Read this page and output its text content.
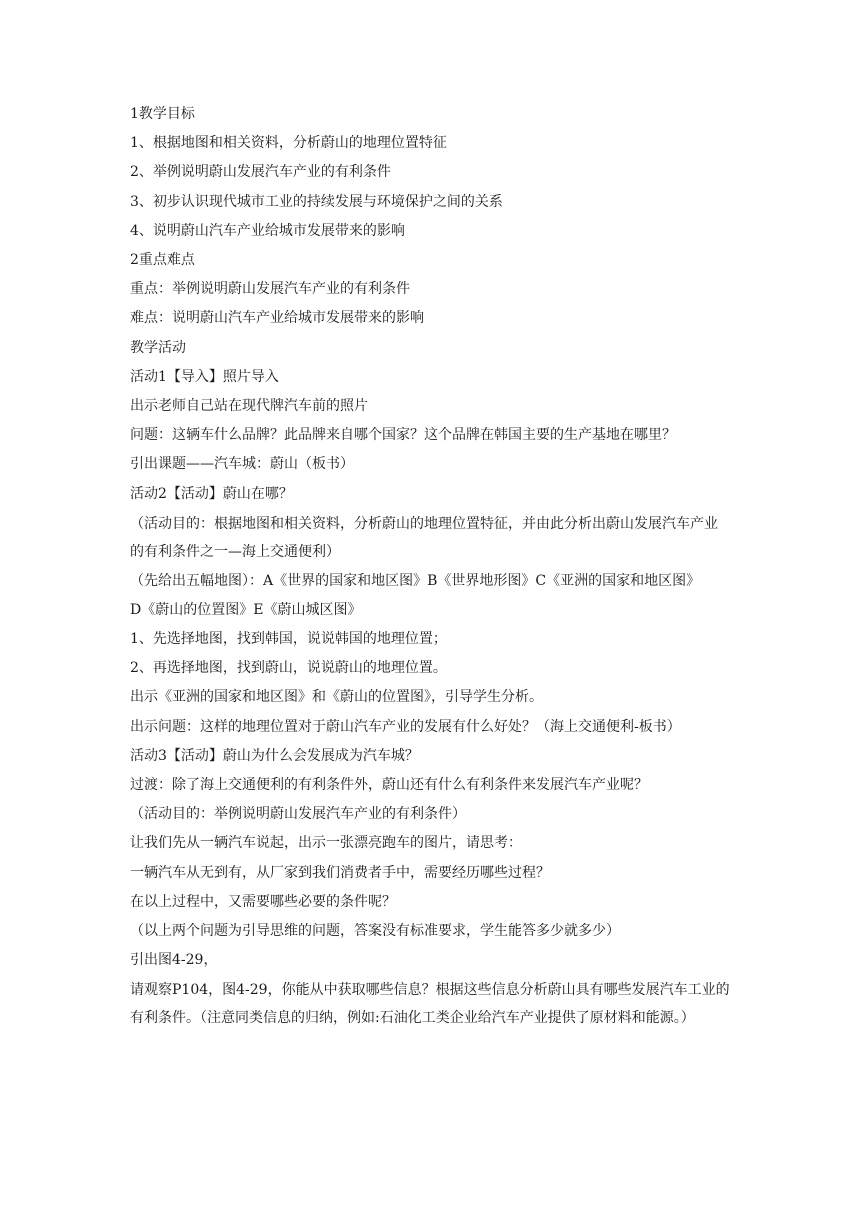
1教学目标
1、根据地图和相关资料，分析蔚山的地理位置特征
2、举例说明蔚山发展汽车产业的有利条件
3、初步认识现代城市工业的持续发展与环境保护之间的关系
4、说明蔚山汽车产业给城市发展带来的影响
2重点难点
重点：举例说明蔚山发展汽车产业的有利条件
难点：说明蔚山汽车产业给城市发展带来的影响
教学活动
活动1【导入】照片导入
出示老师自己站在现代牌汽车前的照片
问题：这辆车什么品牌？此品牌来自哪个国家？这个品牌在韩国主要的生产基地在哪里？
引出课题——汽车城：蔚山（板书）
活动2【活动】蔚山在哪？
（活动目的：根据地图和相关资料，分析蔚山的地理位置特征，并由此分析出蔚山发展汽车产业的有利条件之一—海上交通便利）
（先给出五幅地图）：A《世界的国家和地区图》B《世界地形图》C《亚洲的国家和地区图》
D《蔚山的位置图》E《蔚山城区图》
1、先选择地图，找到韩国，说说韩国的地理位置；
2、再选择地图，找到蔚山，说说蔚山的地理位置。
出示《亚洲的国家和地区图》和《蔚山的位置图》，引导学生分析。
出示问题：这样的地理位置对于蔚山汽车产业的发展有什么好处？（海上交通便利-板书）
活动3【活动】蔚山为什么会发展成为汽车城？
过渡：除了海上交通便利的有利条件外，蔚山还有什么有利条件来发展汽车产业呢？
（活动目的：举例说明蔚山发展汽车产业的有利条件）
让我们先从一辆汽车说起，出示一张漂亮跑车的图片，请思考：
一辆汽车从无到有，从厂家到我们消费者手中，需要经历哪些过程？
在以上过程中，又需要哪些必要的条件呢？
（以上两个问题为引导思维的问题，答案没有标准要求，学生能答多少就多少）
引出图4-29，
请观察P104，图4-29，你能从中获取哪些信息？根据这些信息分析蔚山具有哪些发展汽车工业的有利条件。（注意同类信息的归纳，例如:石油化工类企业给汽车产业提供了原材料和能源。）
